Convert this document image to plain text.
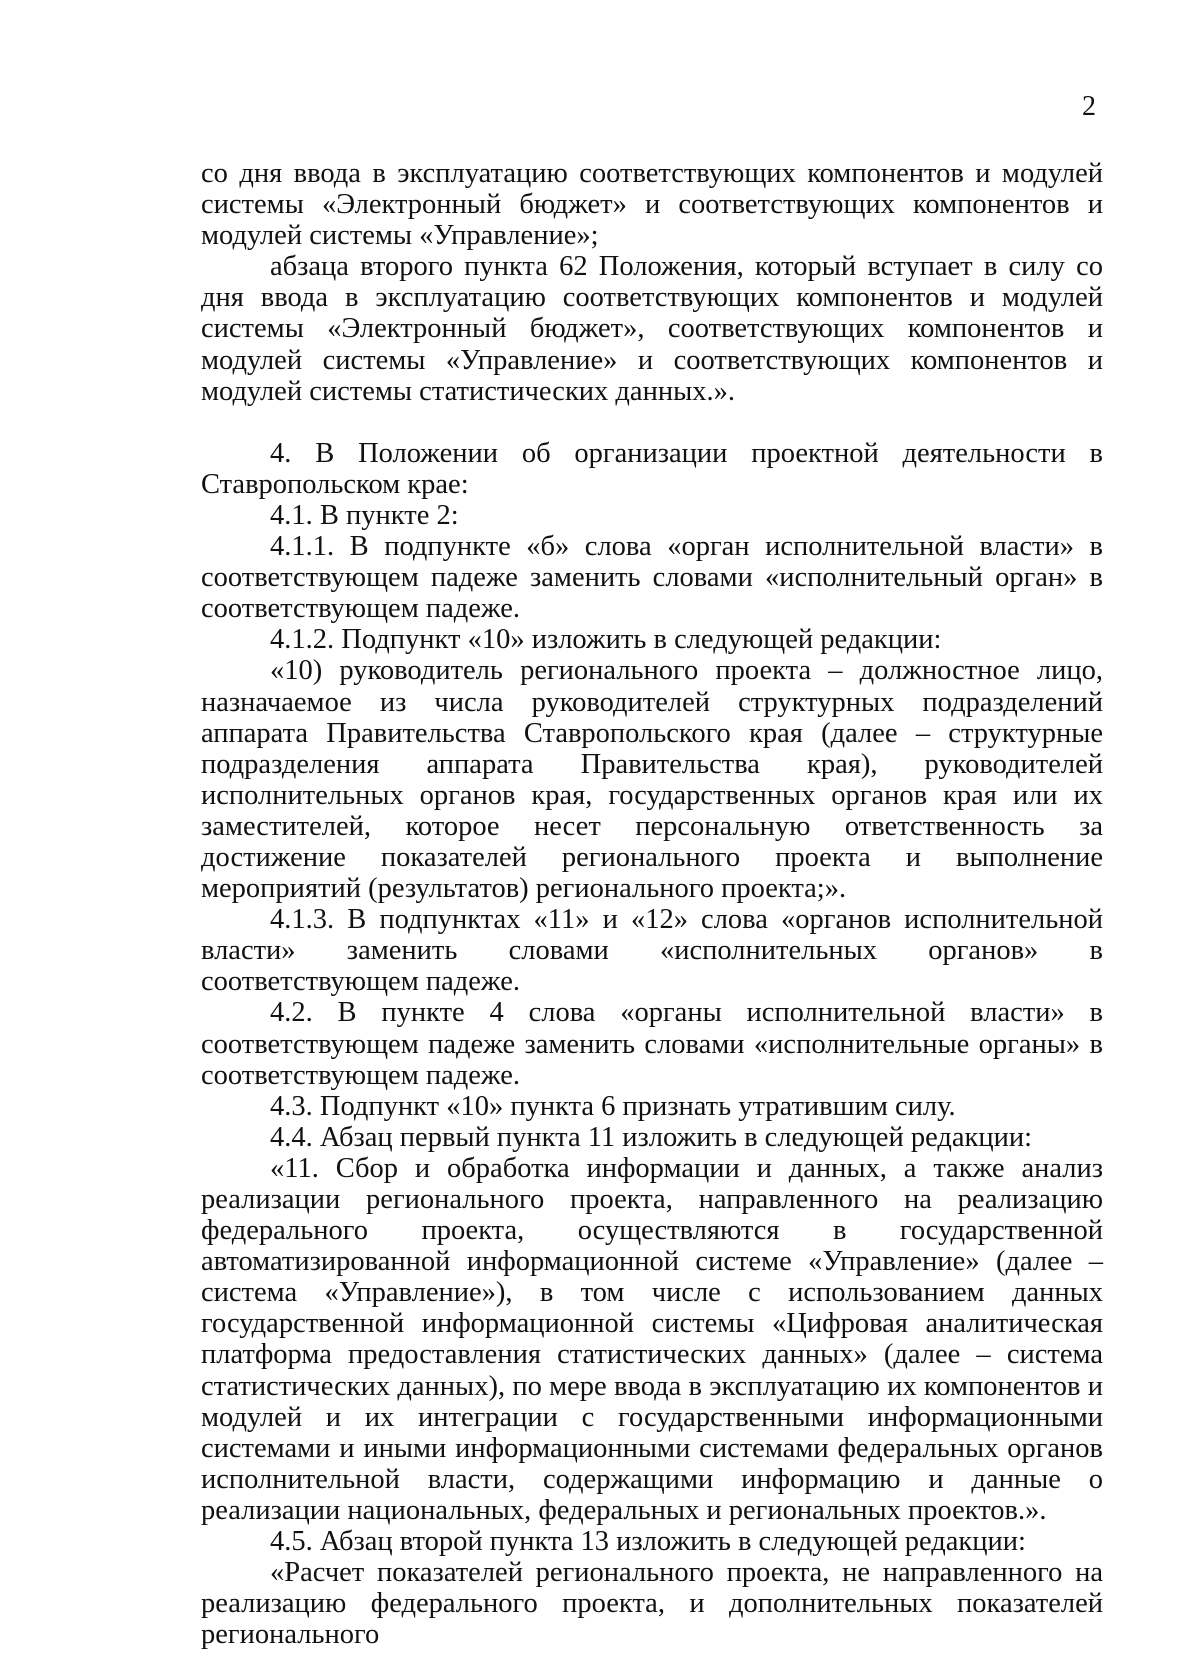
2

со дня ввода в эксплуатацию соответствующих компонентов и модулей системы «Электронный бюджет» и соответствующих компонентов и модулей системы «Управление»;

абзаца второго пункта 62 Положения, который вступает в силу со дня ввода в эксплуатацию соответствующих компонентов и модулей системы «Электронный бюджет», соответствующих компонентов и модулей системы «Управление» и соответствующих компонентов и модулей системы статистических данных.».

4. В Положении об организации проектной деятельности в Ставропольском крае:

4.1. В пункте 2:

4.1.1. В подпункте «б» слова «орган исполнительной власти» в соответствующем падеже заменить словами «исполнительный орган» в соответствующем падеже.

4.1.2. Подпункт «10» изложить в следующей редакции:

«10) руководитель регионального проекта – должностное лицо, назначаемое из числа руководителей структурных подразделений аппарата Правительства Ставропольского края (далее – структурные подразделения аппарата Правительства края), руководителей исполнительных органов края, государственных органов края или их заместителей, которое несет персональную ответственность за достижение показателей регионального проекта и выполнение мероприятий (результатов) регионального проекта;».

4.1.3. В подпунктах «11» и «12» слова «органов исполнительной власти» заменить словами «исполнительных органов» в соответствующем падеже.

4.2. В пункте 4 слова «органы исполнительной власти» в соответствующем падеже заменить словами «исполнительные органы» в соответствующем падеже.

4.3. Подпункт «10» пункта 6 признать утратившим силу.

4.4. Абзац первый пункта 11 изложить в следующей редакции:

«11. Сбор и обработка информации и данных, а также анализ реализации регионального проекта, направленного на реализацию федерального проекта, осуществляются в государственной автоматизированной информационной системе «Управление» (далее – система «Управление»), в том числе с использованием данных государственной информационной системы «Цифровая аналитическая платформа предоставления статистических данных» (далее – система статистических данных), по мере ввода в эксплуатацию их компонентов и модулей и их интеграции с государственными информационными системами и иными информационными системами федеральных органов исполнительной власти, содержащими информацию и данные о реализации национальных, федеральных и региональных проектов.».

4.5. Абзац второй пункта 13 изложить в следующей редакции:

«Расчет показателей регионального проекта, не направленного на реализацию федерального проекта, и дополнительных показателей регионального
